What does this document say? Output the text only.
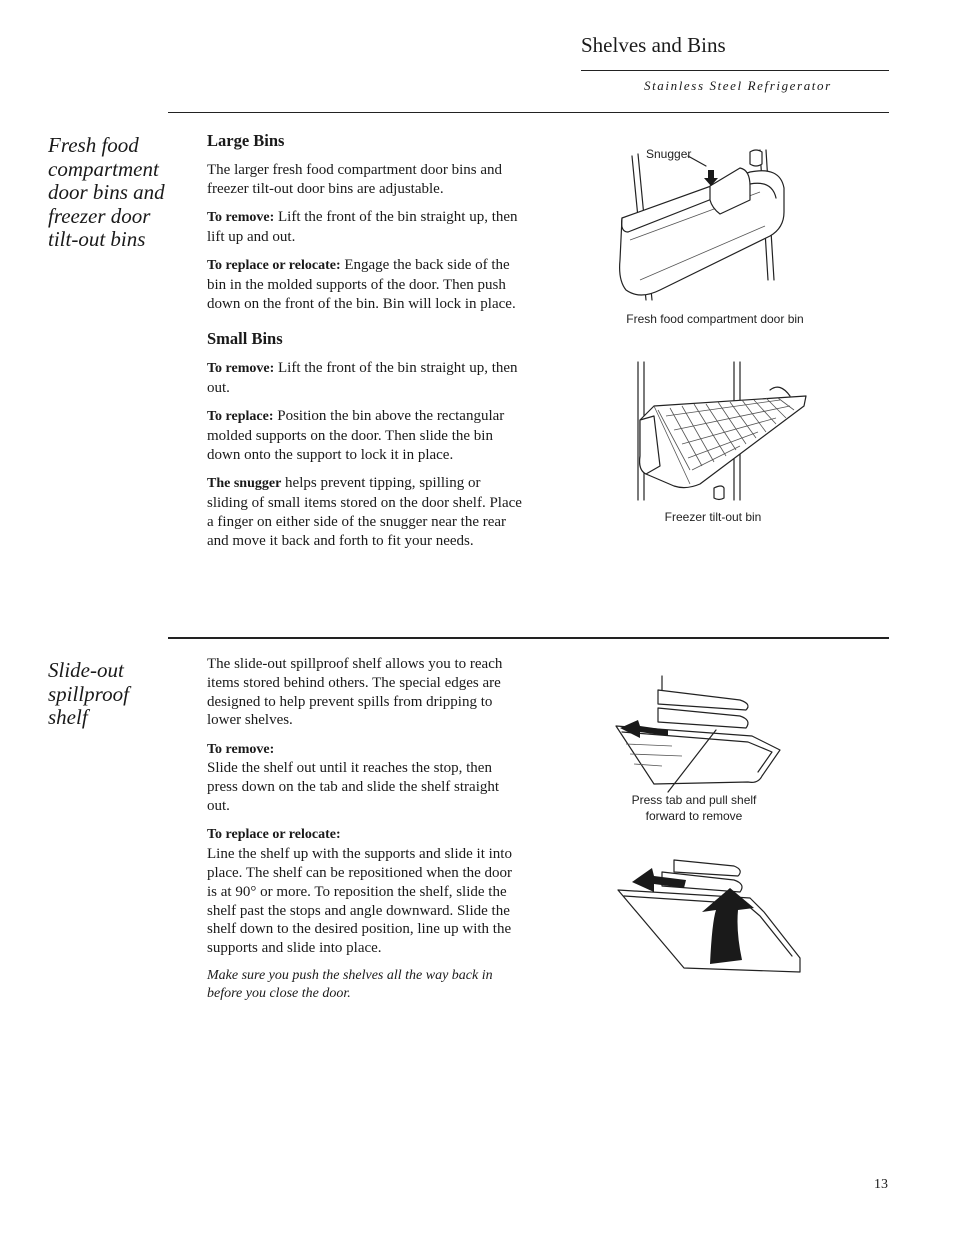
Shelves and Bins
Stainless Steel Refrigerator
Fresh food compartment door bins and freezer door tilt-out bins
Large Bins

The larger fresh food compartment door bins and freezer tilt-out door bins are adjustable.

To remove: Lift the front of the bin straight up, then lift up and out.

To replace or relocate: Engage the back side of the bin in the molded supports of the door. Then push down on the front of the bin. Bin will lock in place.

Small Bins

To remove: Lift the front of the bin straight up, then out.

To replace: Position the bin above the rectangular molded supports on the door. Then slide the bin down onto the support to lock it in place.

The snugger helps prevent tipping, spilling or sliding of small items stored on the door shelf. Place a finger on either side of the snugger near the rear and move it back and forth to fit your needs.

Snugger
Fresh food compartment door bin
Freezer tilt-out bin
Slide-out spillproof shelf

The slide-out spillproof shelf allows you to reach items stored behind others. The special edges are designed to help prevent spills from dripping to lower shelves.

To remove:

Slide the shelf out until it reaches the stop, then press down on the tab and slide the shelf straight out.

To replace or relocate:

Line the shelf up with the supports and slide it into place. The shelf can be repositioned when the door is at 90° or more. To reposition the shelf, slide the shelf past the stops and angle downward. Slide the shelf down to the desired position, line up with the supports and slide into place.

Make sure you push the shelves all the way back in before you close the door.

Press tab and pull shelf forward to remove
13
